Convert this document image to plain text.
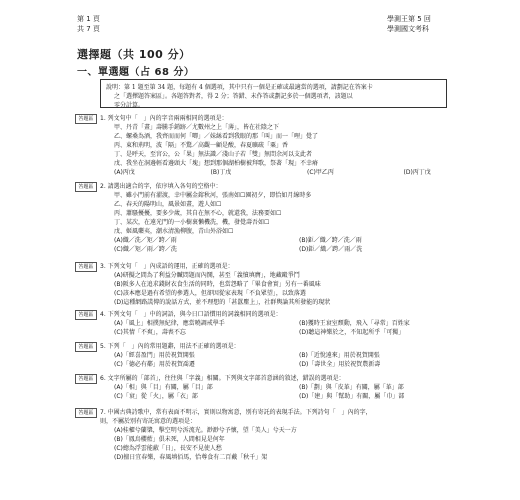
第 1 頁
共 7 頁
學測王第 5 回
學測國文考科
選擇題（共 100 分）
一、單選題（占 68 分）
說明：第 1 題至第 34 題，每題有 4 個選項，其中只有一個是正確或最適當的選項，請劃記在答案卡
之「選擇題答案區」。各題答對者，得 2 分；答錯、未作答或劃記多於一個選項者，該題以
零分計算。
答題區	1. 列文句中「　」內的字音兩兩相同的選項是：
甲、丹青「畫」壽騰手銷跡／尤數州之上「薄」，皆在社陰之下
乙、螺桑為酒，我齊而而何「唧」／妹絲看到我眼的那「叫」而一「哩」覺了
丙、東和荊明，波「隔」不驚／高觀一顧是酸，春夏曠疏「粟」香
丁、是呼天，至宮公，公「果」無法識／淺山子若「雙」無問余河以支此者
戊、我坐在洞邊輕看邊頭大「塊」想到那個湖柏樹被拜歌，祭著「現」不幸瘠
(A)丙戊	(B)丁戊	(C)甲乙丙	(D)丙丁戊
答題區	2. 請選出適合的字，依序填入各句的空格中：
甲、雖小門前有濯渡，幸中屬金鎔秋河，張南如☐園初夕，即恰如月線時多
乙、春天的陽明山，風景如畫，遊人如☐
丙、蕭騷擾擾，要多少歲，其自在無不心，就還我，法務要如☐
丁、某次，在遠光門的一小樹裏懶機洗，機，發覺壽吾如☐
戊、姬風藥夷，潮水清漁柳腹，青山外浴如☐
(A)織／洗／矩／跨／雨	(B)鉅／織／跨／洗／雨
(C)織／矩／雨／跨／洗	(D)鉅／織／跨／雨／洗
答題區	3. 下列文句「　」內成語的運用，正確的選項是：
(A)研擬之間為了利益分贓問題而內鬨，甚至「義憤填膺」，地藏毆爭鬥
(B)阪多人在追求錢財衣食生活的同時，也當怨略了「畢食會實」另有一番風味
(C)該本應是過有希望的參選人，但卻因從家表現「不負眾望」，以致落選
(D)這種網路謊傳的說話方式，並不理想的「甚囂塵上」，社群輿論其所發能的現狀
答題區	4. 下列文句「　」中的詞語，與今日口語慣用的詞義相同的選項是：
(A)「風上」相撲無紀律，應當曉調戒學手	(B)獲時王衰室頹動，飛入「尋常」百姓家
(C)其情「不爽」，壽喪不忘	(D)聽這神樂於之，不知起所乎「可獨」
答題區	5. 下列「　」內的常用題辭，用法不正確的選項是：
(A)「經喜盈門」用於祝賀開張	(B)「近悅遠來」用於祝賀開張
(C)「德必有鄰」用於祝賀喬遷	(D)「壽世全」用於祝賀農新壽
答題區	6. 文字所屬的「部首」，往往與「字義」相關。下列與文字部首意涵的敘述，錯誤的選項是：
(A)「相」與「目」有關，屬「目」部	(B)「劃」與「皮革」有關，屬「革」部
(C)「衰」從「火」，屬「衣」部	(D)「建」與「幫助」有關，屬「巾」部
答題區	7. 中國古典詩歌中，常有表面不明示，實則以物寓意，別有寄託的表現手法。下列詩句「　」內的字，
則，不屬於別有寄託寓意的選項是：
(A)桂櫂兮蘭槳，擊空明兮泝流光。渺渺兮予懷，望「美人」兮天一方
(B)「鳳鳥櫻藍」俱未死，人間相見是何年
(C)總為浮雲能蔽「日」，長安不見使人愁
(D)擅日宜春樂，春風填佰馬，恰尊食有二百戴「秋千」架
